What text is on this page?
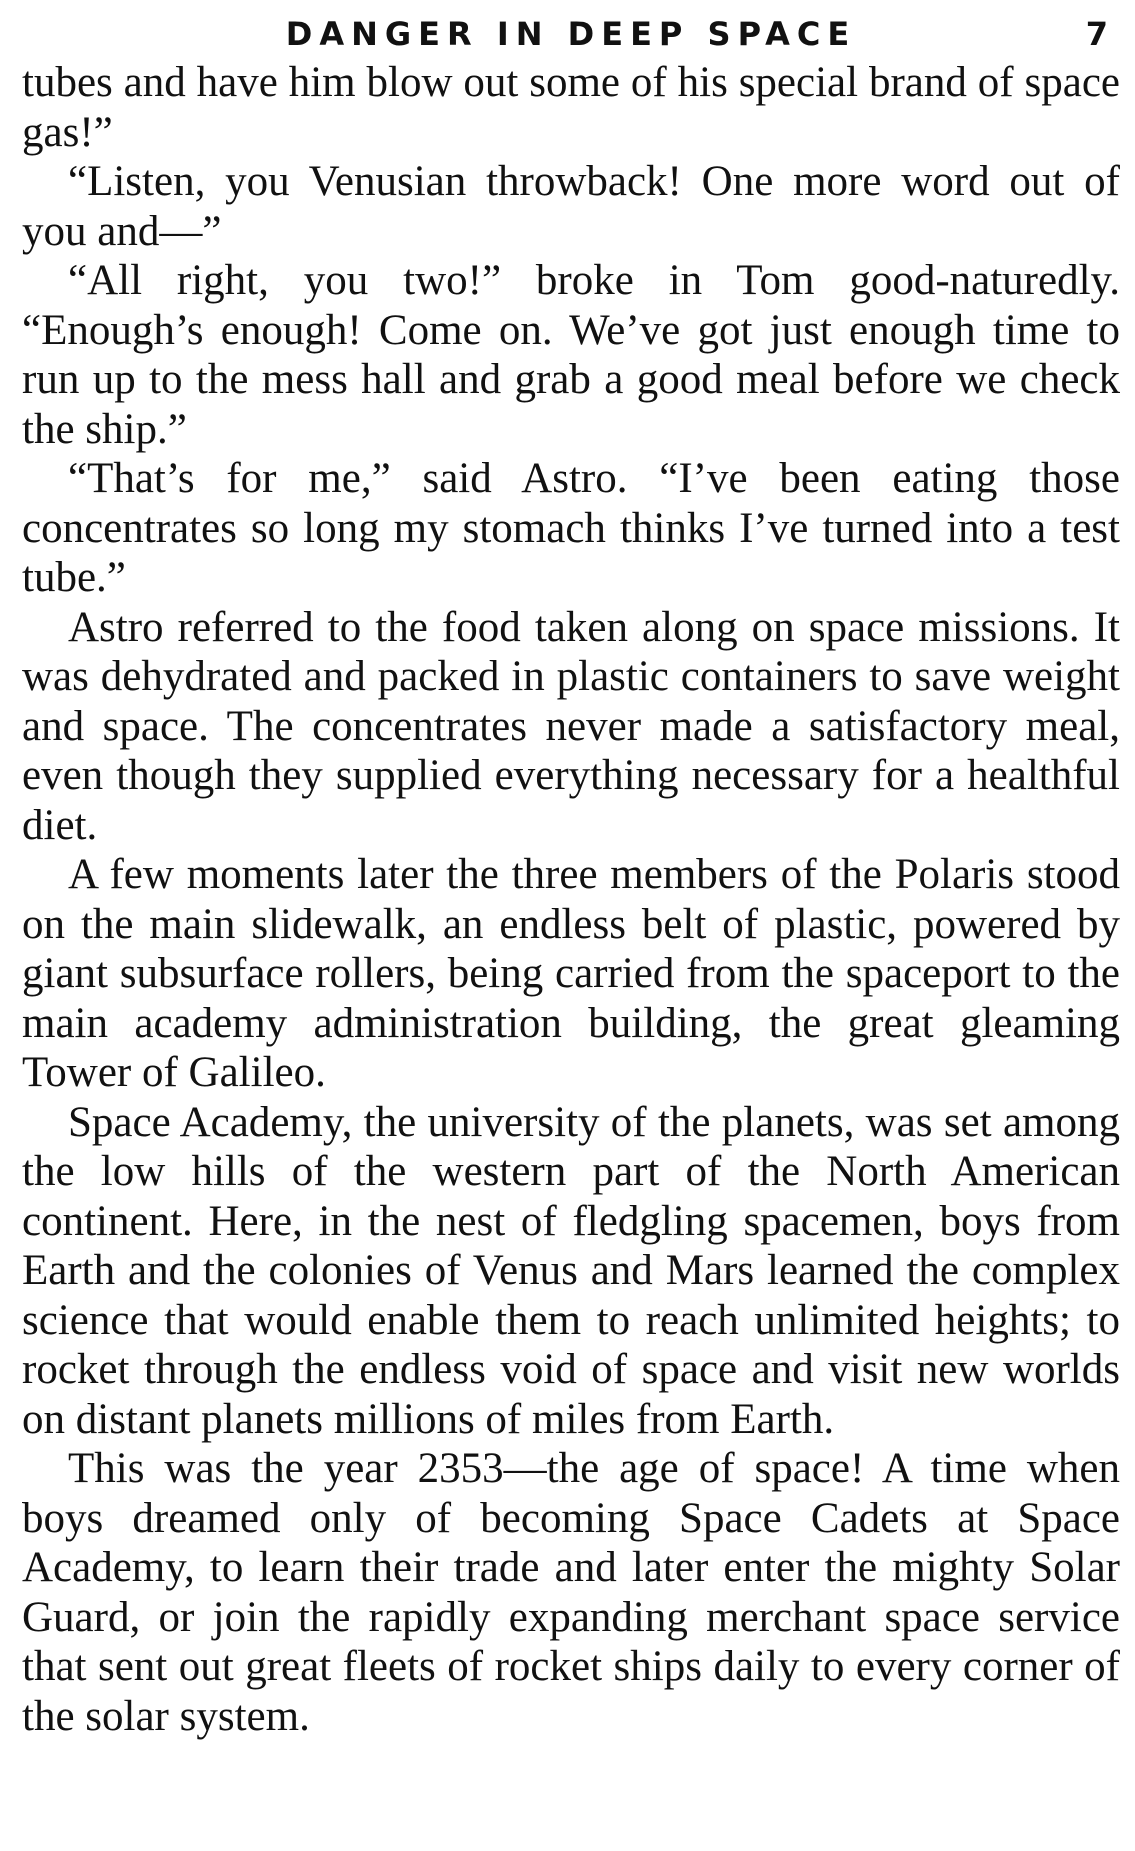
DANGER IN DEEP SPACE	7

tubes and have him blow out some of his special brand of space gas!”

“Listen, you Venusian throwback! One more word out of you and—”

“All right, you two!” broke in Tom good-naturedly. “Enough’s enough! Come on. We’ve got just enough time to run up to the mess hall and grab a good meal before we check the ship.”

“That’s for me,” said Astro. “I’ve been eating those concentrates so long my stomach thinks I’ve turned into a test tube.”

Astro referred to the food taken along on space missions. It was dehydrated and packed in plastic containers to save weight and space. The concentrates never made a satisfactory meal, even though they supplied everything necessary for a healthful diet.

A few moments later the three members of the Polaris stood on the main slidewalk, an endless belt of plastic, powered by giant subsurface rollers, being carried from the spaceport to the main academy administration building, the great gleaming Tower of Galileo.

Space Academy, the university of the planets, was set among the low hills of the western part of the North American continent. Here, in the nest of fledgling spacemen, boys from Earth and the colonies of Venus and Mars learned the complex science that would enable them to reach unlimited heights; to rocket through the endless void of space and visit new worlds on distant planets millions of miles from Earth.

This was the year 2353—the age of space! A time when boys dreamed only of becoming Space Cadets at Space Academy, to learn their trade and later enter the mighty Solar Guard, or join the rapidly expanding merchant space service that sent out great fleets of rocket ships daily to every corner of the solar system.
